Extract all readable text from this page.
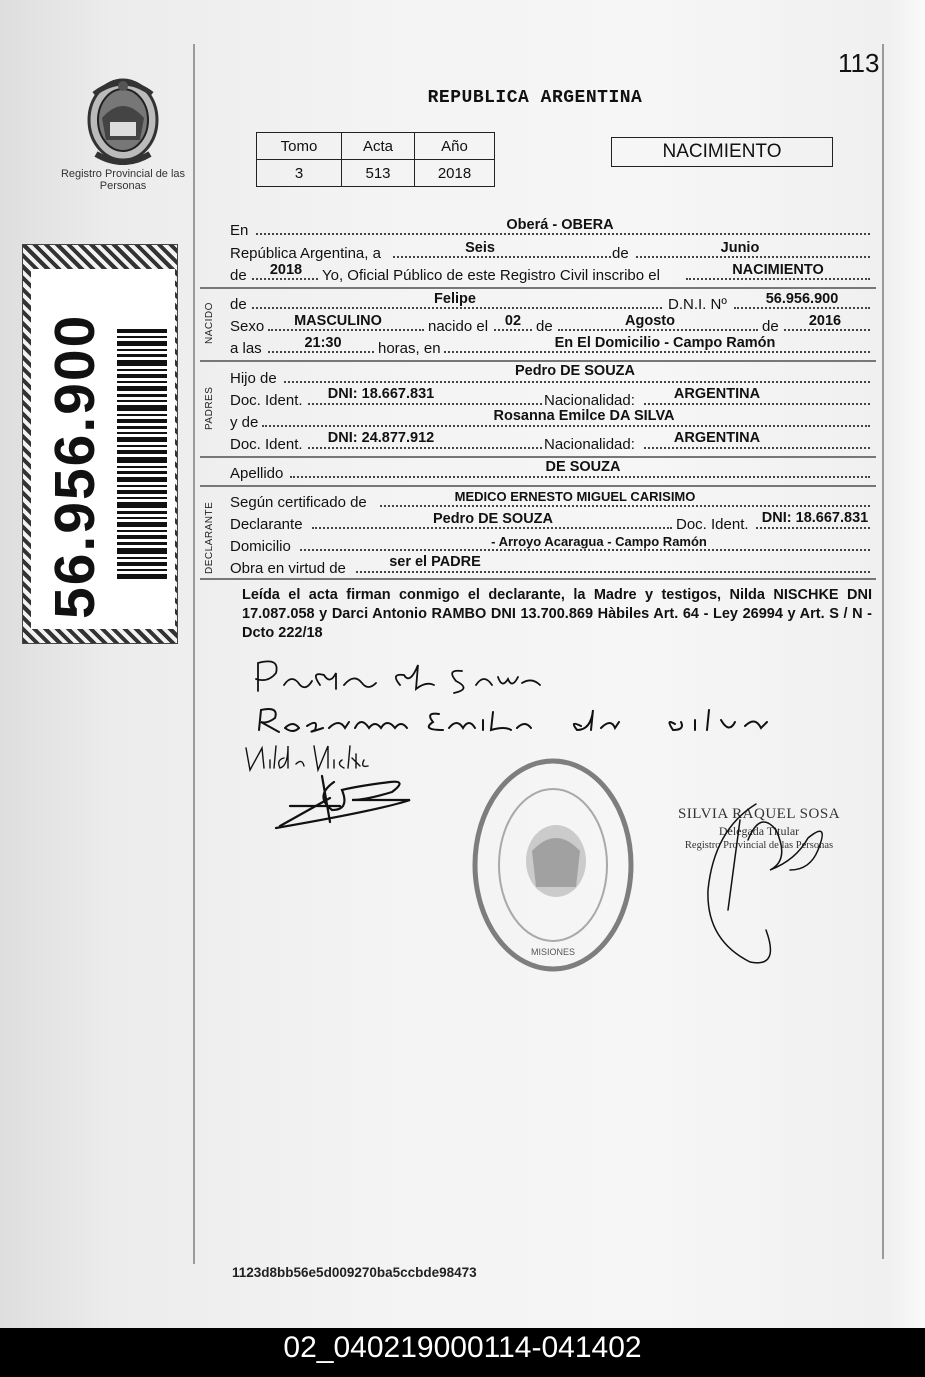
113
Registro Provincial de las Personas
56.956.900
REPUBLICA ARGENTINA
Tomo	Acta	Año
3	513	2018
NACIMIENTO
En	Oberá - OBERA
República Argentina, a	Seis	de	Junio
de	2018	Yo, Oficial Público de este Registro Civil inscribo el	NACIMIENTO
NACIDO de	Felipe	D.N.I. Nº	56.956.900
Sexo	MASCULINO	nacido el	02 de	Agosto	de	2016
a las	21:30	horas, en	En El Domicilio - Campo Ramón
PADRES
Hijo de	Pedro DE SOUZA
Doc. Ident.	DNI: 18.667.831	Nacionalidad:	ARGENTINA
y de	Rosanna Emilce DA SILVA
Doc. Ident.	DNI: 24.877.912	Nacionalidad:	ARGENTINA
Apellido	DE SOUZA
DECLARANTE Según certificado de	MEDICO ERNESTO MIGUEL CARISIMO
Declarante	Pedro DE SOUZA	Doc. Ident. DNI: 18.667.831
Domicilio	- Arroyo Acaragua - Campo Ramón
Obra en virtud de	ser el PADRE
Leída el acta firman conmigo el declarante, la Madre y testigos, Nilda NISCHKE DNI 17.087.058 y Darci Antonio RAMBO DNI 13.700.869 Hàbiles Art. 64 - Ley 26994 y Art. S / N - Dcto 222/18
MISIONES
SILVIA RAQUEL SOSA
Delegada Titular
Registro Provincial de las Personas
1123d8bb56e5d009270ba5ccbde98473
02_040219000114-041402
